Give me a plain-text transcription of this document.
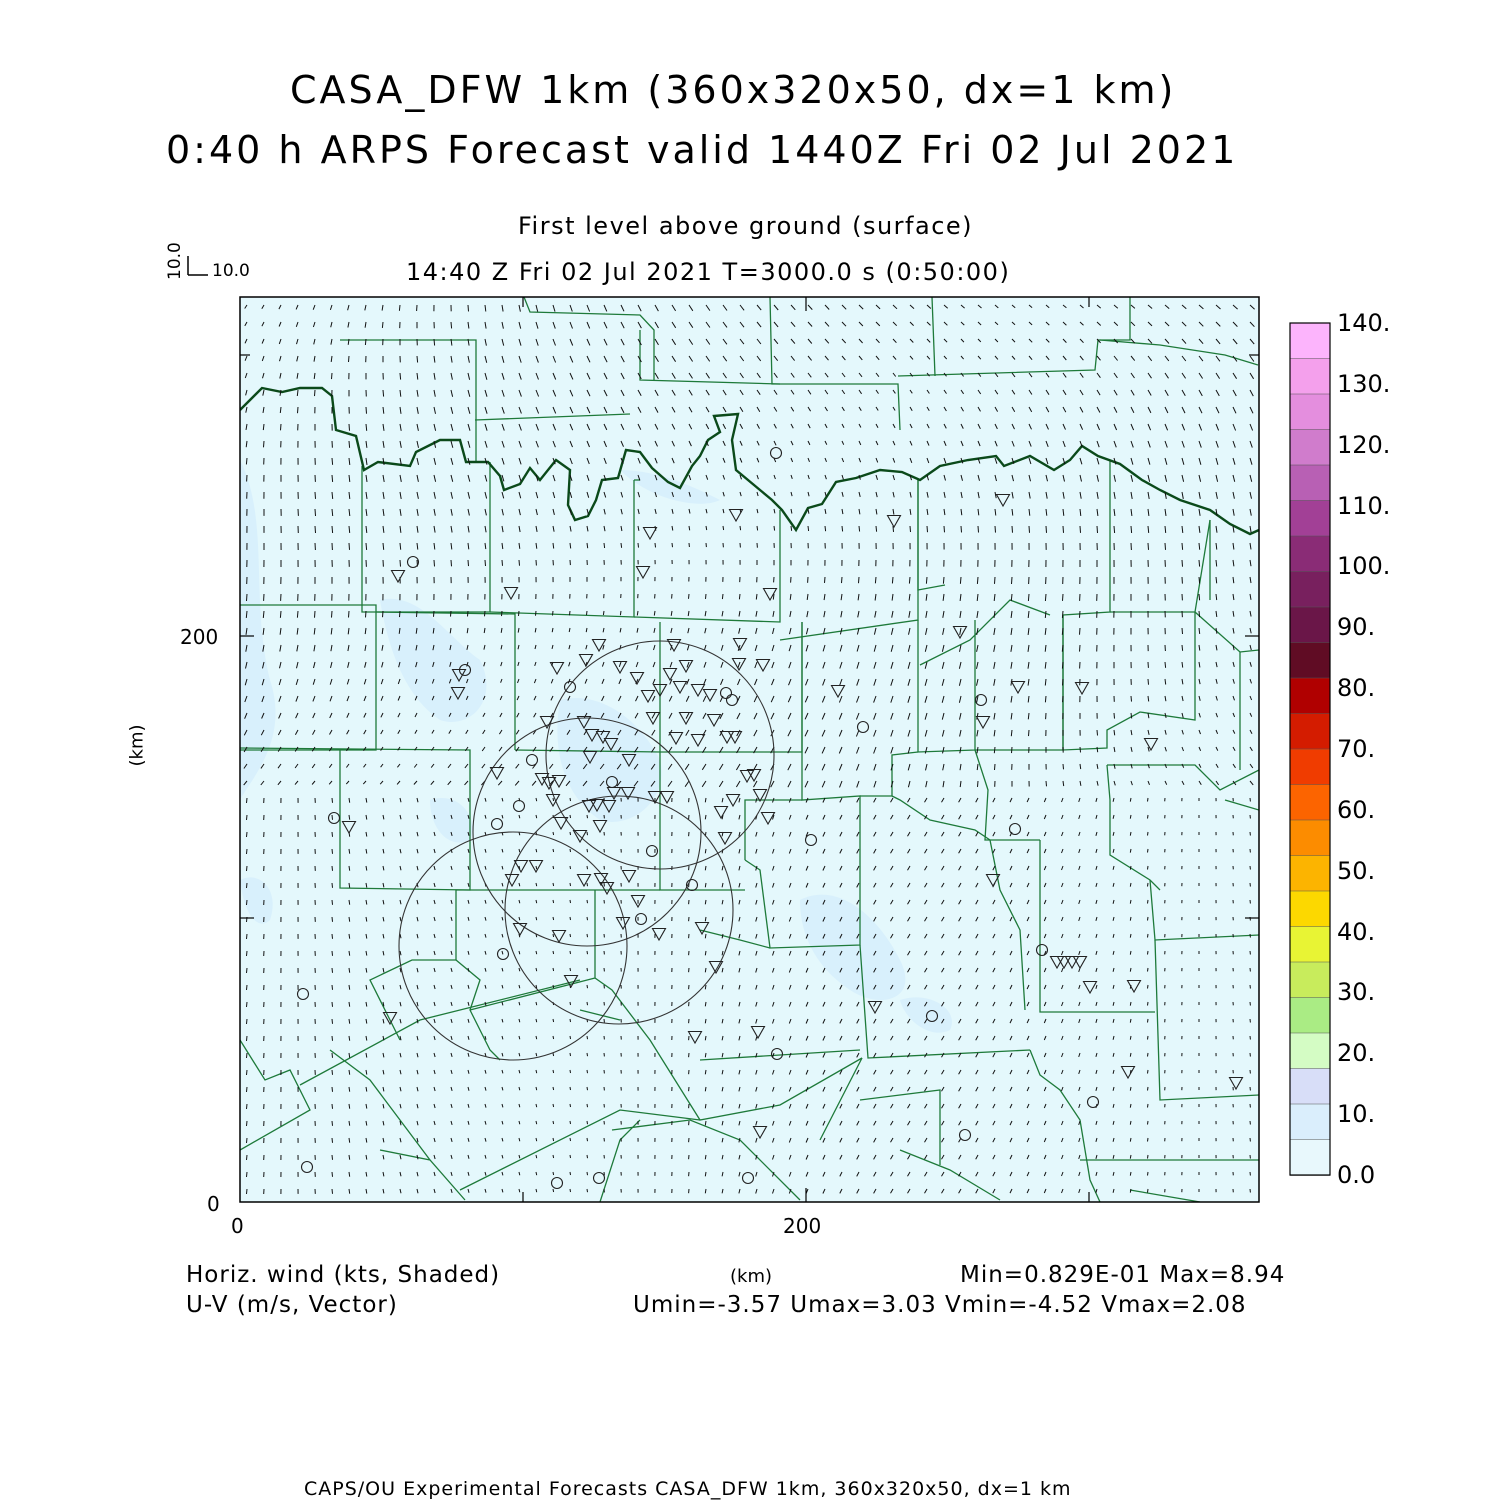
CASA_DFW 1km (360x320x50, dx=1 km)
0:40 h ARPS Forecast valid 1440Z Fri 02 Jul 2021
First level above ground (surface)
14:40 Z Fri 02 Jul 2021 T=3000.0 s (0:50:00)
10.0
10.0
200
0
0	200
(km)
140.
130.
120.
110.
100.
90.
80.
70.
60.
50.
40.
30.
20.
10.
0.0
Horiz. wind (kts, Shaded)
U-V (m/s, Vector)
(km)	Min=0.829E-01 Max=8.94
Umin=-3.57 Umax=3.03 Vmin=-4.52 Vmax=2.08
CAPS/OU Experimental Forecasts CASA_DFW 1km, 360x320x50, dx=1 km
